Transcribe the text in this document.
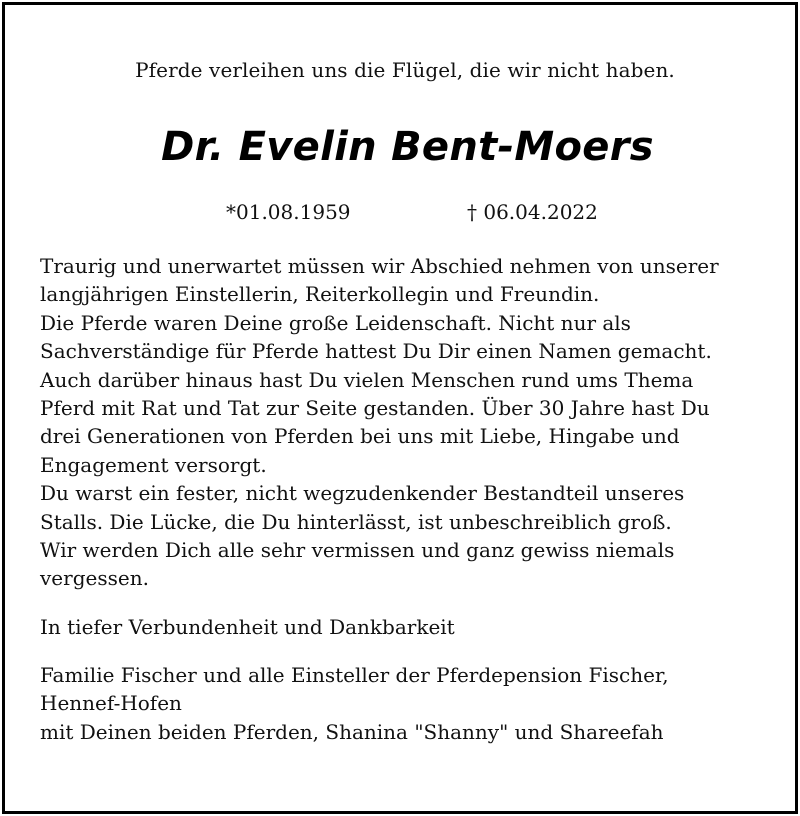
Pferde verleihen uns die Flügel, die wir nicht haben.
Dr. Evelin Bent-Moers
*01.08.1959	† 06.04.2022
Traurig und unerwartet müssen wir Abschied nehmen von unserer
langjährigen Einstellerin, Reiterkollegin und Freundin.
Die Pferde waren Deine große Leidenschaft. Nicht nur als
Sachverständige für Pferde hattest Du Dir einen Namen gemacht.
Auch darüber hinaus hast Du vielen Menschen rund ums Thema
Pferd mit Rat und Tat zur Seite gestanden. Über 30 Jahre hast Du
drei Generationen von Pferden bei uns mit Liebe, Hingabe und
Engagement versorgt.
Du warst ein fester, nicht wegzudenkender Bestandteil unseres
Stalls. Die Lücke, die Du hinterlässt, ist unbeschreiblich groß.
Wir werden Dich alle sehr vermissen und ganz gewiss niemals
vergessen.
In tiefer Verbundenheit und Dankbarkeit
Familie Fischer und alle Einsteller der Pferdepension Fischer,
Hennef-Hofen
mit Deinen beiden Pferden, Shanina "Shanny" und Shareefah
